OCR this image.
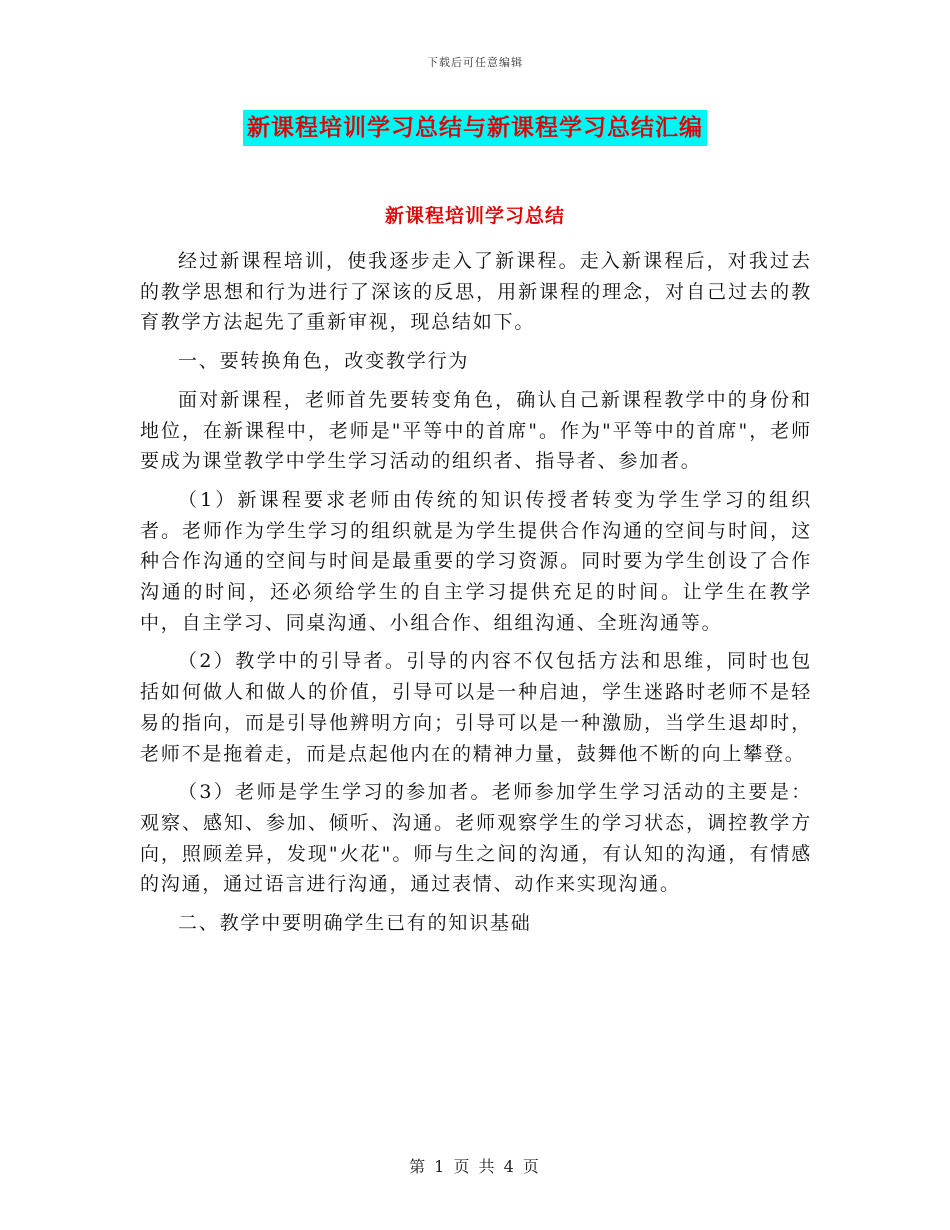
下载后可任意编辑
新课程培训学习总结与新课程学习总结汇编
新课程培训学习总结

经过新课程培训，使我逐步走入了新课程。走入新课程后，对我过去的教学思想和行为进行了深该的反思，用新课程的理念，对自己过去的教育教学方法起先了重新审视，现总结如下。

一、要转换角色，改变教学行为

面对新课程，老师首先要转变角色，确认自己新课程教学中的身份和地位，在新课程中，老师是"平等中的首席"。作为"平等中的首席"，老师要成为课堂教学中学生学习活动的组织者、指导者、参加者。

（1）新课程要求老师由传统的知识传授者转变为学生学习的组织者。老师作为学生学习的组织就是为学生提供合作沟通的空间与时间，这种合作沟通的空间与时间是最重要的学习资源。同时要为学生创设了合作沟通的时间，还必须给学生的自主学习提供充足的时间。让学生在教学中，自主学习、同桌沟通、小组合作、组组沟通、全班沟通等。

（2）教学中的引导者。引导的内容不仅包括方法和思维，同时也包括如何做人和做人的价值，引导可以是一种启迪，学生迷路时老师不是轻易的指向，而是引导他辨明方向；引导可以是一种激励，当学生退却时，老师不是拖着走，而是点起他内在的精神力量，鼓舞他不断的向上攀登。

（3）老师是学生学习的参加者。老师参加学生学习活动的主要是：观察、感知、参加、倾听、沟通。老师观察学生的学习状态，调控教学方向，照顾差异，发现"火花"。师与生之间的沟通，有认知的沟通，有情感的沟通，通过语言进行沟通，通过表情、动作来实现沟通。

二、教学中要明确学生已有的知识基础

第 1 页 共 4 页
